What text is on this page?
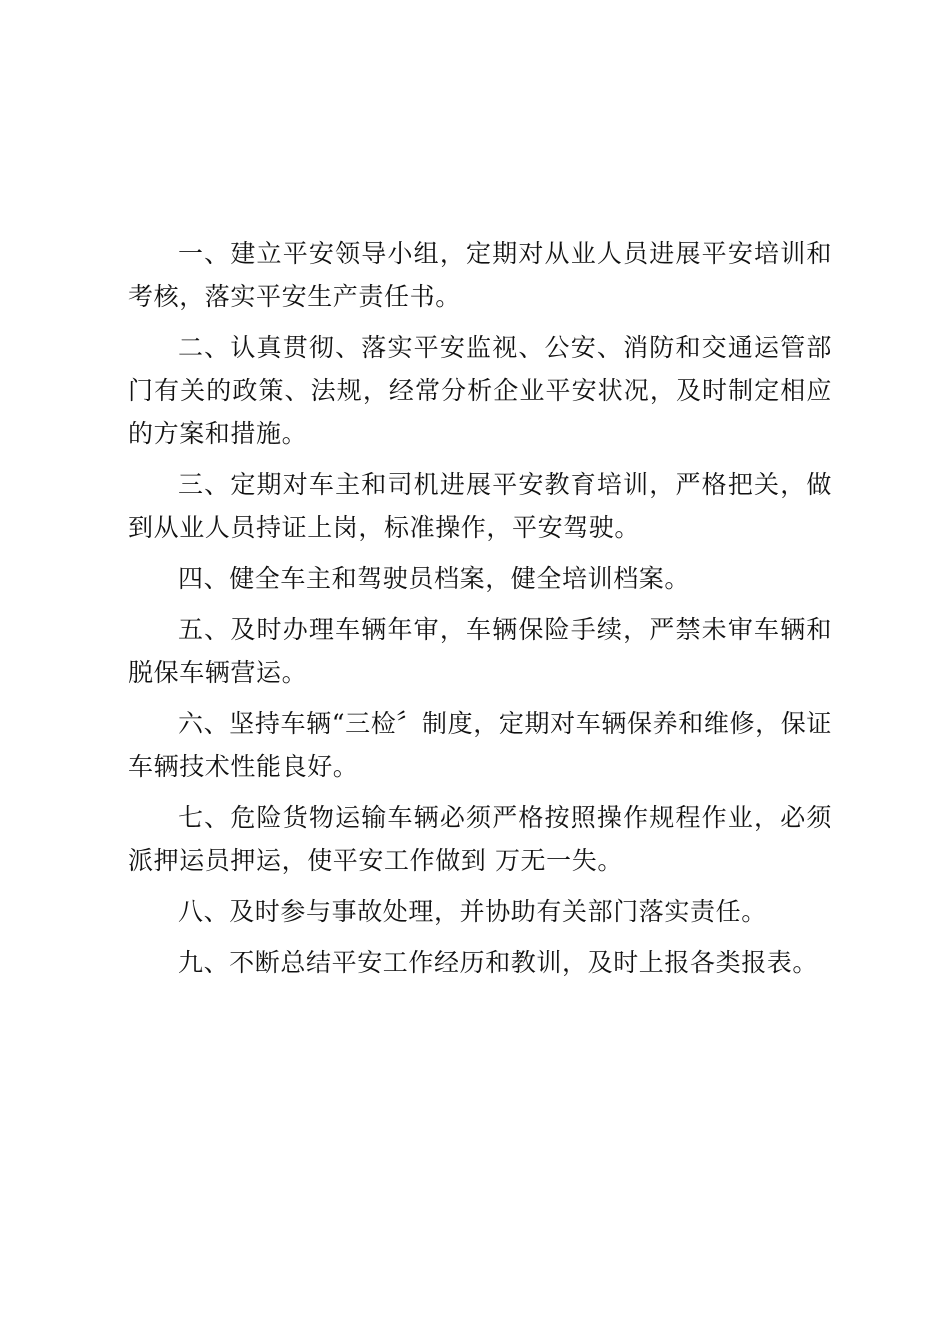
一、建立平安领导小组，定期对从业人员进展平安培训和考核，落实平安生产责任书。

二、认真贯彻、落实平安监视、公安、消防和交通运管部门有关的政策、法规，经常分析企业平安状况，及时制定相应的方案和措施。

三、定期对车主和司机进展平安教育培训，严格把关，做到从业人员持证上岗，标准操作，平安驾驶。

四、健全车主和驾驶员档案，健全培训档案。

五、及时办理车辆年审，车辆保险手续，严禁未审车辆和脱保车辆营运。

六、坚持车辆“三检〞制度，定期对车辆保养和维修，保证车辆技术性能良好。

七、危险货物运输车辆必须严格按照操作规程作业，必须派押运员押运，使平安工作做到 万无一失。

八、及时参与事故处理，并协助有关部门落实责任。

九、不断总结平安工作经历和教训，及时上报各类报表。
